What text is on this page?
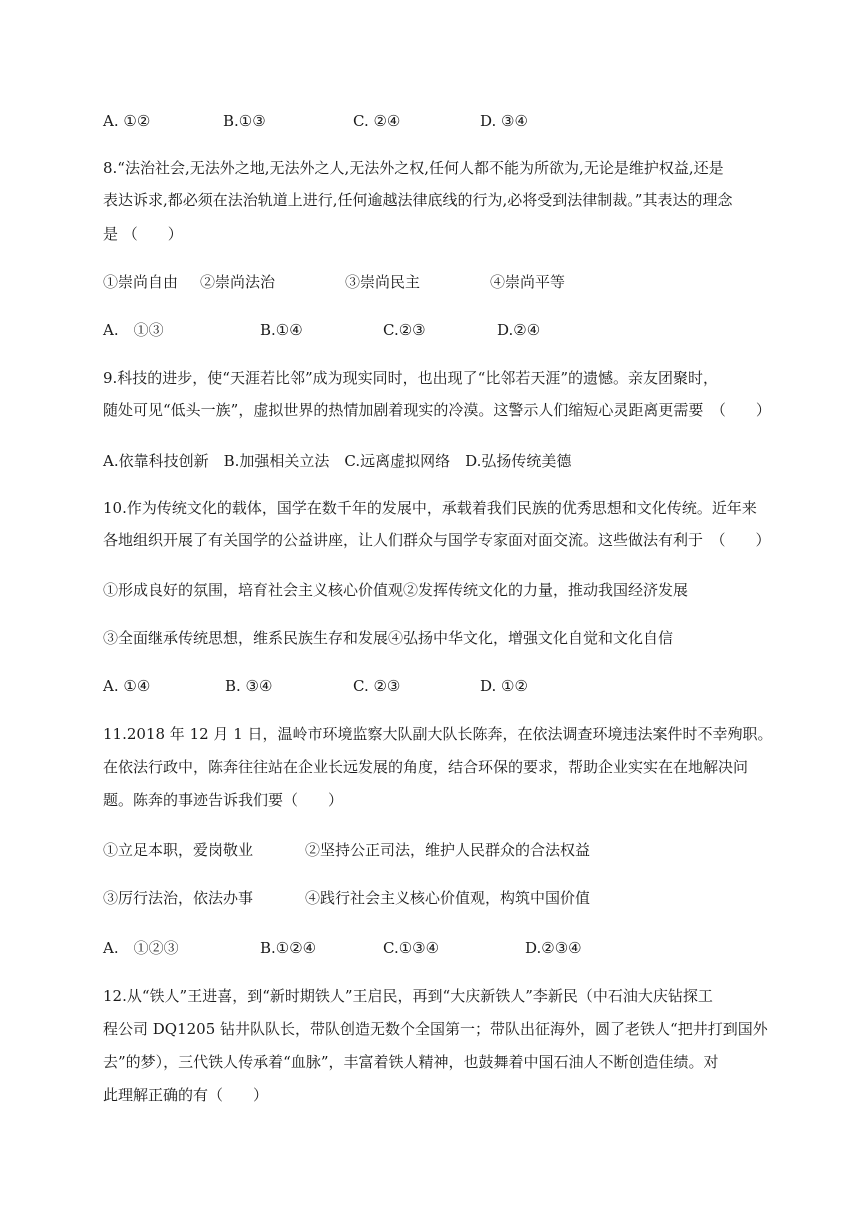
A. ①②	B.①③	C. ②④	D. ③④
8.“法治社会,无法外之地,无法外之人,无法外之权,任何人都不能为所欲为,无论是维护权益,还是
表达诉求,都必须在法治轨道上进行,任何逾越法律底线的行为,必将受到法律制裁。”其表达的理念
是 （　　）
①崇尚自由 ②崇尚法治	③崇尚民主	④崇尚平等
A.　①③	B.①④	C.②③	D.②④
9.科技的进步，使“天涯若比邻”成为现实同时，也出现了“比邻若天涯”的遗憾。亲友团聚时，
随处可见“低头一族”，虚拟世界的热情加剧着现实的冷漠。这警示人们缩短心灵距离更需要　（　　）
A.依靠科技创新　B.加强相关立法　C.远离虚拟网络　D.弘扬传统美德
10.作为传统文化的载体，国学在数千年的发展中，承载着我们民族的优秀思想和文化传统。近年来
各地组织开展了有关国学的公益讲座，让人们群众与国学专家面对面交流。这些做法有利于　（　　）
①形成良好的氛围，培育社会主义核心价值观②发挥传统文化的力量，推动我国经济发展
③全面继承传统思想，维系民族生存和发展④弘扬中华文化，增强文化自觉和文化自信
A. ①④	B. ③④	C. ②③	D. ①②
11.2018 年 12 月 1 日，温岭市环境监察大队副大队长陈奔，在依法调查环境违法案件时不幸殉职。
在依法行政中，陈奔往往站在企业长远发展的角度，结合环保的要求，帮助企业实实在在地解决问
题。陈奔的事迹告诉我们要（　　）
①立足本职，爱岗敬业	②坚持公正司法，维护人民群众的合法权益
③厉行法治，依法办事	④践行社会主义核心价值观，构筑中国价值
A.　①②③	B.①②④	C.①③④	D.②③④
12.从“铁人”王进喜，到“新时期铁人”王启民，再到“大庆新铁人”李新民（中石油大庆钻探工
程公司 DQ1205 钻井队队长，带队创造无数个全国第一；带队出征海外，圆了老铁人“把井打到国外
去”的梦），三代铁人传承着“血脉”，丰富着铁人精神，也鼓舞着中国石油人不断创造佳绩。对
此理解正确的有（　　）
